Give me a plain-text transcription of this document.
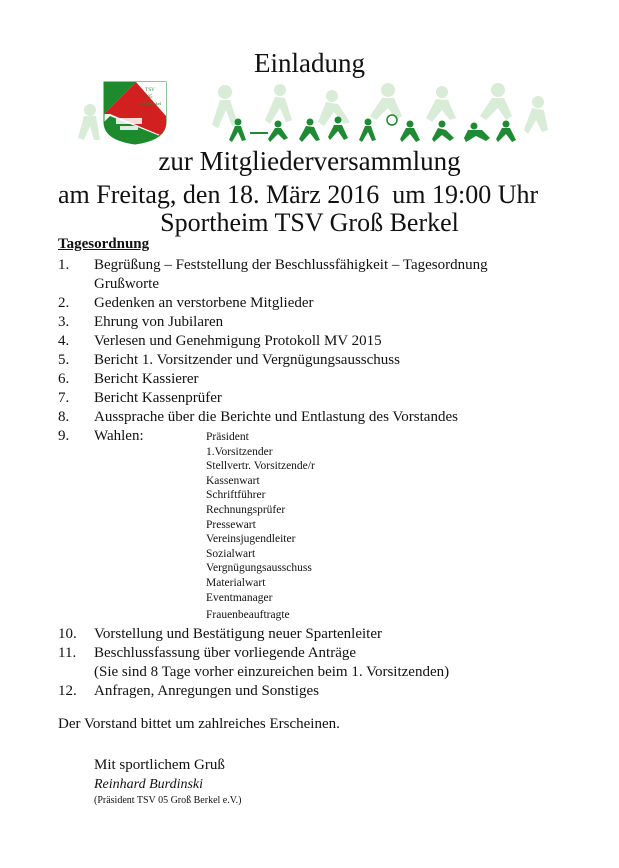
Einladung
TSV
05
Groß Berkel
zur Mitgliederversammlung
am Freitag, den 18. März 2016  um 19:00 Uhr
Sportheim TSV Groß Berkel
Tagesordnung
1.	Begrüßung – Feststellung der Beschlussfähigkeit – Tagesordnung
Grußworte
2.	Gedenken an verstorbene Mitglieder
3.	Ehrung von Jubilaren
4.	Verlesen und Genehmigung Protokoll MV 2015
5.	Bericht 1. Vorsitzender und Vergnügungsausschuss
6.	Bericht Kassierer
7.	Bericht Kassenprüfer
8.	Aussprache über die Berichte und Entlastung des Vorstandes
9.	Wahlen:	Präsident
1.Vorsitzender
Stellvertr. Vorsitzende/r
Kassenwart
Schriftführer
Rechnungsprüfer
Pressewart
Vereinsjugendleiter
Sozialwart
Vergnügungsausschuss
Materialwart
Eventmanager
Frauenbeauftragte
10.	Vorstellung und Bestätigung neuer Spartenleiter
11.	Beschlussfassung über vorliegende Anträge
(Sie sind 8 Tage vorher einzureichen beim 1. Vorsitzenden)
12.	Anfragen, Anregungen und Sonstiges
Der Vorstand bittet um zahlreiches Erscheinen.
Mit sportlichem Gruß
Reinhard Burdinski
(Präsident TSV 05 Groß Berkel e.V.)
